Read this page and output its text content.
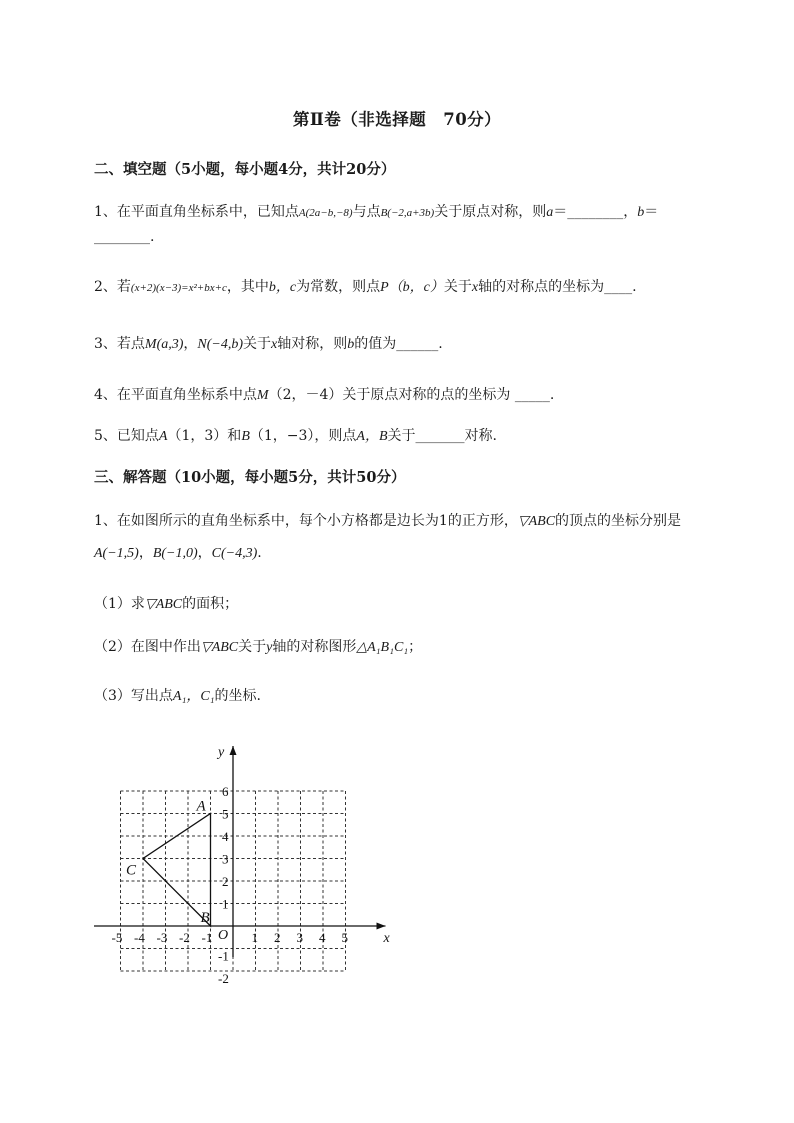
第Ⅱ卷（非选择题　70分）
二、填空题（5小题，每小题4分，共计20分）
1、在平面直角坐标系中，已知点A(2a−b,−8)与点B(−2,a+3b)关于原点对称，则a＝________，b＝
________.
2、若(x+2)(x−3)=x²+bx+c，其中b，c为常数，则点P（b，c）关于x轴的对称点的坐标为____.
3、若点M(a,3)，N(−4,b)关于x轴对称，则b的值为______.
4、在平面直角坐标系中点M（2，－4）关于原点对称的点的坐标为 _____.
5、已知点A（1，3）和B（1，−3），则点A，B关于_______对称.
三、解答题（10小题，每小题5分，共计50分）
1、在如图所示的直角坐标系中，每个小方格都是边长为1的正方形，▽ABC的顶点的坐标分别是
A(−1,5)，B(−1,0)，C(−4,3).
（1）求▽ABC的面积；
（2）在图中作出▽ABC关于y轴的对称图形△A₁B₁C₁；
（3）写出点A₁，C₁的坐标.
x
y
O
-5 -4 -3 -2 -1	1 2 3 4 5
6
5
4
3
2
1
-1
-2
A
B
C
